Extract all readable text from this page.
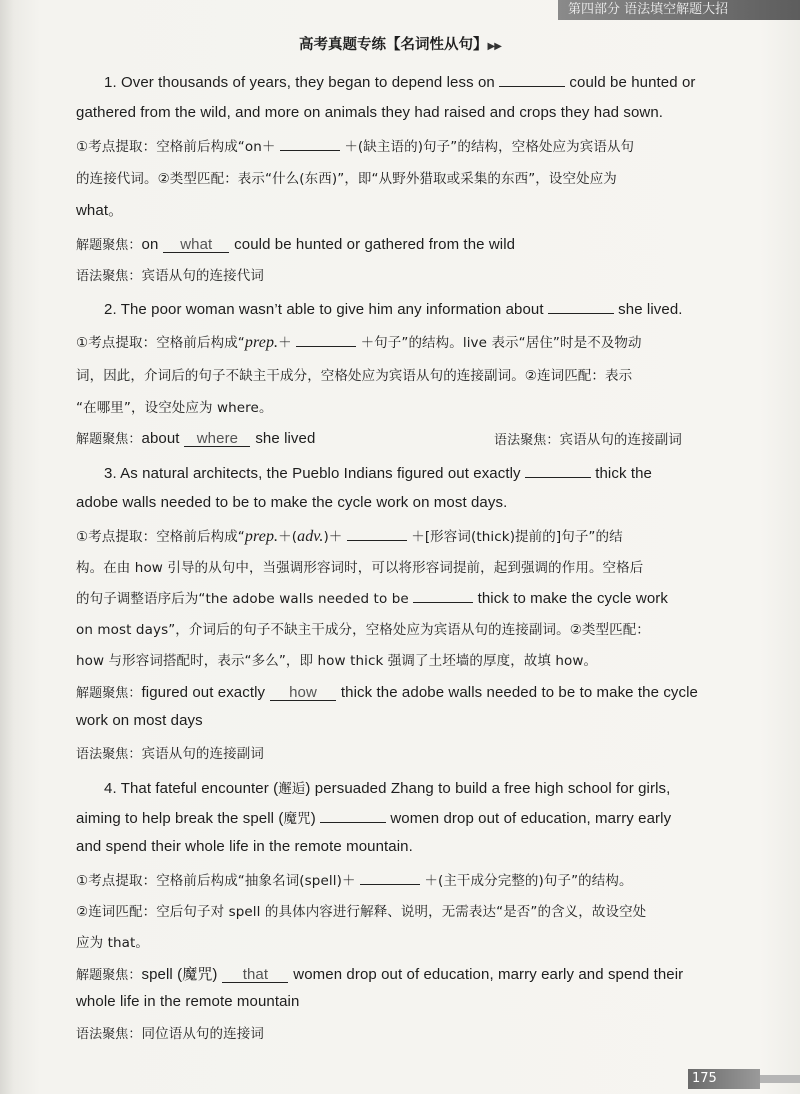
第四部分 语法填空解题大招
高考真题专练【名词性从句】▶▶
1. Over thousands of years, they began to depend less on	could be hunted or
gathered from the wild, and more on animals they had raised and crops they had sown.
①考点提取：空格前后构成“on＋	＋(缺主语的)句子”的结构，空格处应为宾语从句
的连接代词。②类型匹配：表示“什么(东西)”，即“从野外猎取或采集的东西”，设空处应为
what。
解题聚焦：on what could be hunted or gathered from the wild
语法聚焦：宾语从句的连接代词
2. The poor woman wasn’t able to give him any information about	she lived.
①考点提取：空格前后构成“prep.＋	＋句子”的结构。live 表示“居住”时是不及物动
词，因此，介词后的句子不缺主干成分，空格处应为宾语从句的连接副词。②连词匹配：表示
“在哪里”，设空处应为 where。
解题聚焦：about where she lived	语法聚焦：宾语从句的连接副词
3. As natural architects, the Pueblo Indians figured out exactly	thick the
adobe walls needed to be to make the cycle work on most days.
①考点提取：空格前后构成“prep.＋(adv.)＋	＋[形容词(thick)提前的]句子”的结
构。在由 how 引导的从句中，当强调形容词时，可以将形容词提前，起到强调的作用。空格后
的句子调整语序后为“the adobe walls needed to be	thick to make the cycle work
on most days”，介词后的句子不缺主干成分，空格处应为宾语从句的连接副词。②类型匹配：
how 与形容词搭配时，表示“多么”，即 how thick 强调了土坯墙的厚度，故填 how。
解题聚焦：figured out exactly how thick the adobe walls needed to be to make the cycle
work on most days
语法聚焦：宾语从句的连接副词
4. That fateful encounter (邂逅) persuaded Zhang to build a free high school for girls,
aiming to help break the spell (魔咒)	women drop out of education, marry early
and spend their whole life in the remote mountain.
①考点提取：空格前后构成“抽象名词(spell)＋	＋(主干成分完整的)句子”的结构。
②连词匹配：空后句子对 spell 的具体内容进行解释、说明，无需表达“是否”的含义，故设空处
应为 that。
解题聚焦：spell (魔咒) that women drop out of education, marry early and spend their
whole life in the remote mountain
语法聚焦：同位语从句的连接词
175
